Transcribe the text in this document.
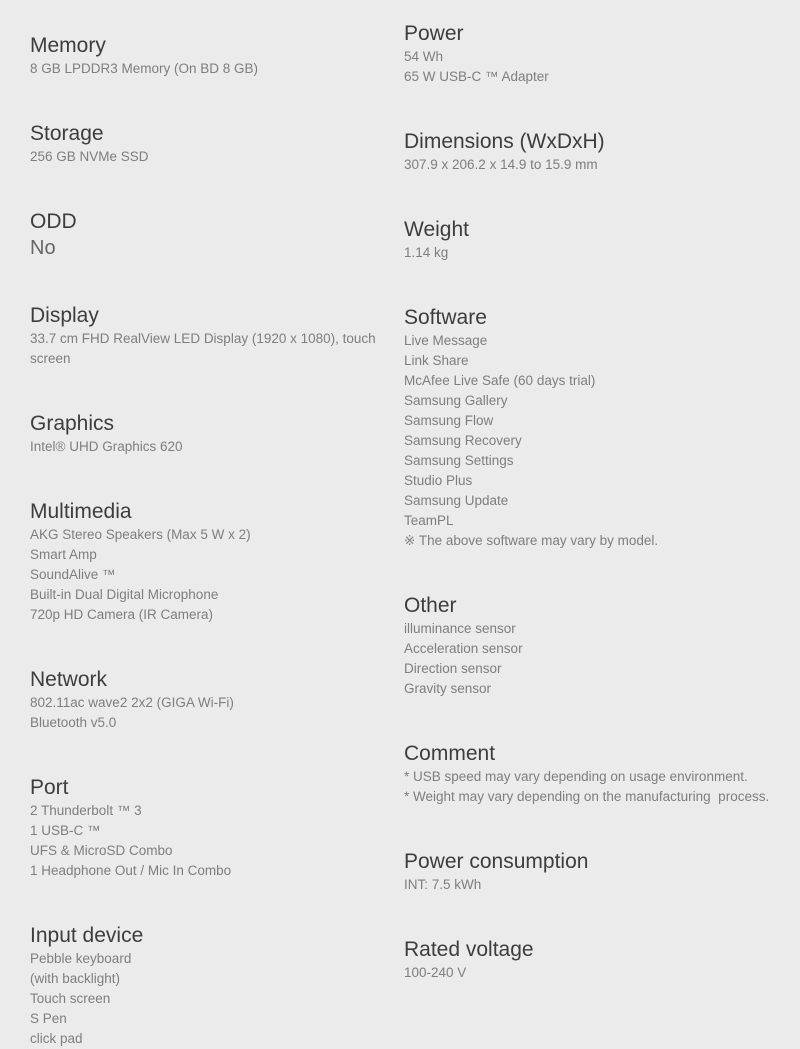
Memory
8 GB LPDDR3 Memory (On BD 8 GB)
Storage
256 GB NVMe SSD
ODD
No
Display
33.7 cm FHD RealView LED Display (1920 x 1080), touch screen
Graphics
Intel® UHD Graphics 620
Multimedia
AKG Stereo Speakers (Max 5 W x 2)
Smart Amp
SoundAlive ™
Built-in Dual Digital Microphone
720p HD Camera (IR Camera)
Network
802.11ac wave2 2x2 (GIGA Wi-Fi)
Bluetooth v5.0
Port
2 Thunderbolt ™ 3
1 USB-C ™
UFS & MicroSD Combo
1 Headphone Out / Mic In Combo
Input device
Pebble keyboard
(with backlight)
Touch screen
S Pen
click pad
Power
54 Wh
65 W USB-C ™ Adapter
Dimensions (WxDxH)
307.9 x 206.2 x 14.9 to 15.9 mm
Weight
1.14 kg
Software
Live Message
Link Share
McAfee Live Safe (60 days trial)
Samsung Gallery
Samsung Flow
Samsung Recovery
Samsung Settings
Studio Plus
Samsung Update
TeamPL
※ The above software may vary by model.
Other
illuminance sensor
Acceleration sensor
Direction sensor
Gravity sensor
Comment
* USB speed may vary depending on usage environment.
* Weight may vary depending on the manufacturing  process.
Power consumption
INT: 7.5 kWh
Rated voltage
100-240 V
